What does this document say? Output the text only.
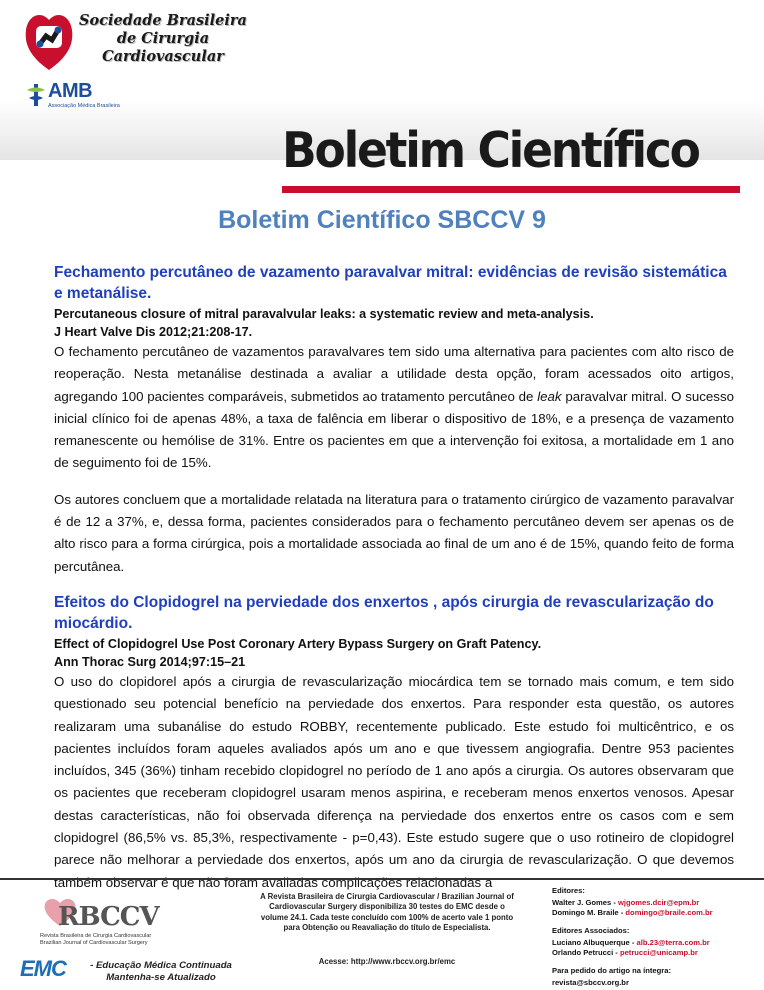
Sociedade Brasileira de Cirurgia Cardiovascular
AMB
Associação Médica Brasileira
Boletim Científico
Boletim Científico SBCCV 9

Fechamento percutâneo de vazamento paravalvar mitral: evidências de revisão sistemática e metanálise.

Percutaneous closure of mitral paravalvular leaks: a systematic review and meta-analysis.

J Heart Valve Dis 2012;21:208-17.

O fechamento percutâneo de vazamentos paravalvares tem sido uma alternativa para pacientes com alto risco de reoperação. Nesta metanálise destinada a avaliar a utilidade desta opção, foram acessados oito artigos, agregando 100 pacientes comparáveis, submetidos ao tratamento percutâneo de leak paravalvar mitral. O sucesso inicial clínico foi de apenas 48%, a taxa de falência em liberar o dispositivo de 18%, e a presença de vazamento remanescente ou hemólise de 31%. Entre os pacientes em que a intervenção foi exitosa, a mortalidade em 1 ano de seguimento foi de 15%.

Os autores concluem que a mortalidade relatada na literatura para o tratamento cirúrgico de vazamento paravalvar é de 12 a 37%, e, dessa forma, pacientes considerados para o fechamento percutâneo devem ser apenas os de alto risco para a forma cirúrgica, pois a mortalidade associada ao final de um ano é de 15%, quando feito de forma percutânea.

Efeitos do Clopidogrel na perviedade dos enxertos , após cirurgia de revascularização do miocárdio.

Effect of Clopidogrel Use Post Coronary Artery Bypass Surgery on Graft Patency.

Ann Thorac Surg 2014;97:15–21

O uso do clopidorel após a cirurgia de revascularização miocárdica tem se tornado mais comum, e tem sido questionado seu potencial benefício na perviedade dos enxertos. Para responder esta questão, os autores realizaram uma subanálise do estudo ROBBY, recentemente publicado. Este estudo foi multicêntrico, e os pacientes incluídos foram aqueles avaliados após um ano e que tivessem angiografia. Dentre 953 pacientes incluídos, 345 (36%) tinham recebido clopidogrel no período de 1 ano após a cirurgia. Os autores observaram que os pacientes que receberam clopidogrel usaram menos aspirina, e receberam menos enxertos venosos. Apesar destas características, não foi observada diferença na perviedade dos enxertos entre os casos com e sem clopidogrel (86,5% vs. 85,3%, respectivamente - p=0,43). Este estudo sugere que o uso rotineiro de clopidogrel parece não melhorar a perviedade dos enxertos, após um ano da cirurgia de revascularização. O que devemos também observar é que não foram avaliadas complicações relacionadas a

RBCCV
Revista Brasileira de Cirurgia Cardiovascular Brazilian Journal of Cardiovascular Surgery
EMC	- Educação Médica Continuada Mantenha-se Atualizado
A Revista Brasileira de Cirurgia Cardiovascular / Brazilian Journal of Cardiovascular Surgery disponibiliza 30 testes do EMC desde o volume 24.1. Cada teste concluído com 100% de acerto vale 1 ponto para Obtenção ou Reavaliação do título de Especialista.
Acesse: http://www.rbccv.org.br/emc
Editores:
Walter J. Gomes - wjgomes.dcir@epm.br
Domingo M. Braile - domingo@braile.com.br
Editores Associados:
Luciano Albuquerque - alb.23@terra.com.br
Orlando Petrucci - petrucci@unicamp.br
Para pedido do artigo na íntegra:
revista@sbccv.org.br
